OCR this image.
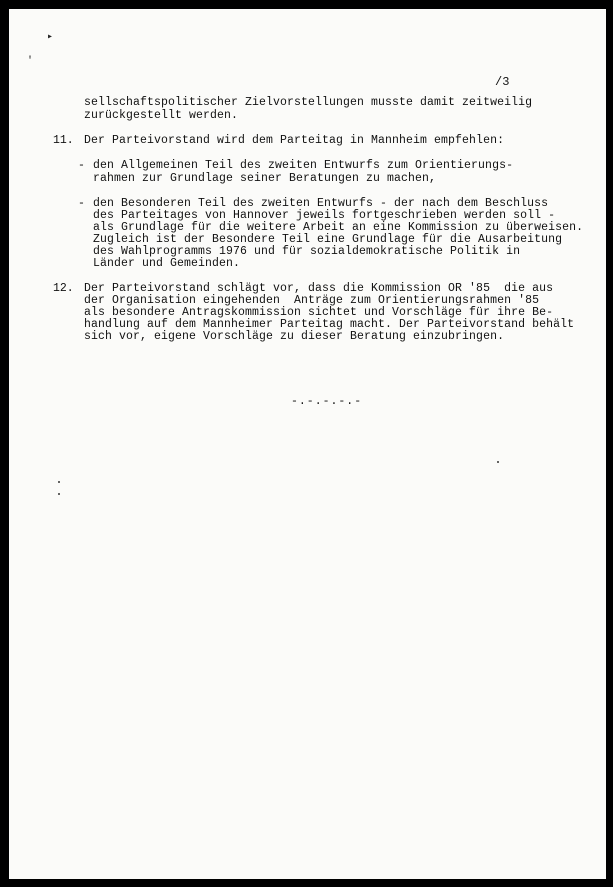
▸
′
/3
sellschaftspolitischer Zielvorstellungen musste damit zeitweilig
zurückgestellt werden.
11. Der Parteivorstand wird dem Parteitag in Mannheim empfehlen:
- den Allgemeinen Teil des zweiten Entwurfs zum Orientierungs-
rahmen zur Grundlage seiner Beratungen zu machen,
- den Besonderen Teil des zweiten Entwurfs - der nach dem Beschluss
des Parteitages von Hannover jeweils fortgeschrieben werden soll -
als Grundlage für die weitere Arbeit an eine Kommission zu überweisen.
Zugleich ist der Besondere Teil eine Grundlage für die Ausarbeitung
des Wahlprogramms 1976 und für sozialdemokratische Politik in
Länder und Gemeinden.
12. Der Parteivorstand schlägt vor, dass die Kommission OR '85  die aus
der Organisation eingehenden  Anträge zum Orientierungsrahmen '85
als besondere Antragskommission sichtet und Vorschläge für ihre Be-
handlung auf dem Mannheimer Parteitag macht. Der Parteivorstand behält
sich vor, eigene Vorschläge zu dieser Beratung einzubringen.
-.-.-.-.-
